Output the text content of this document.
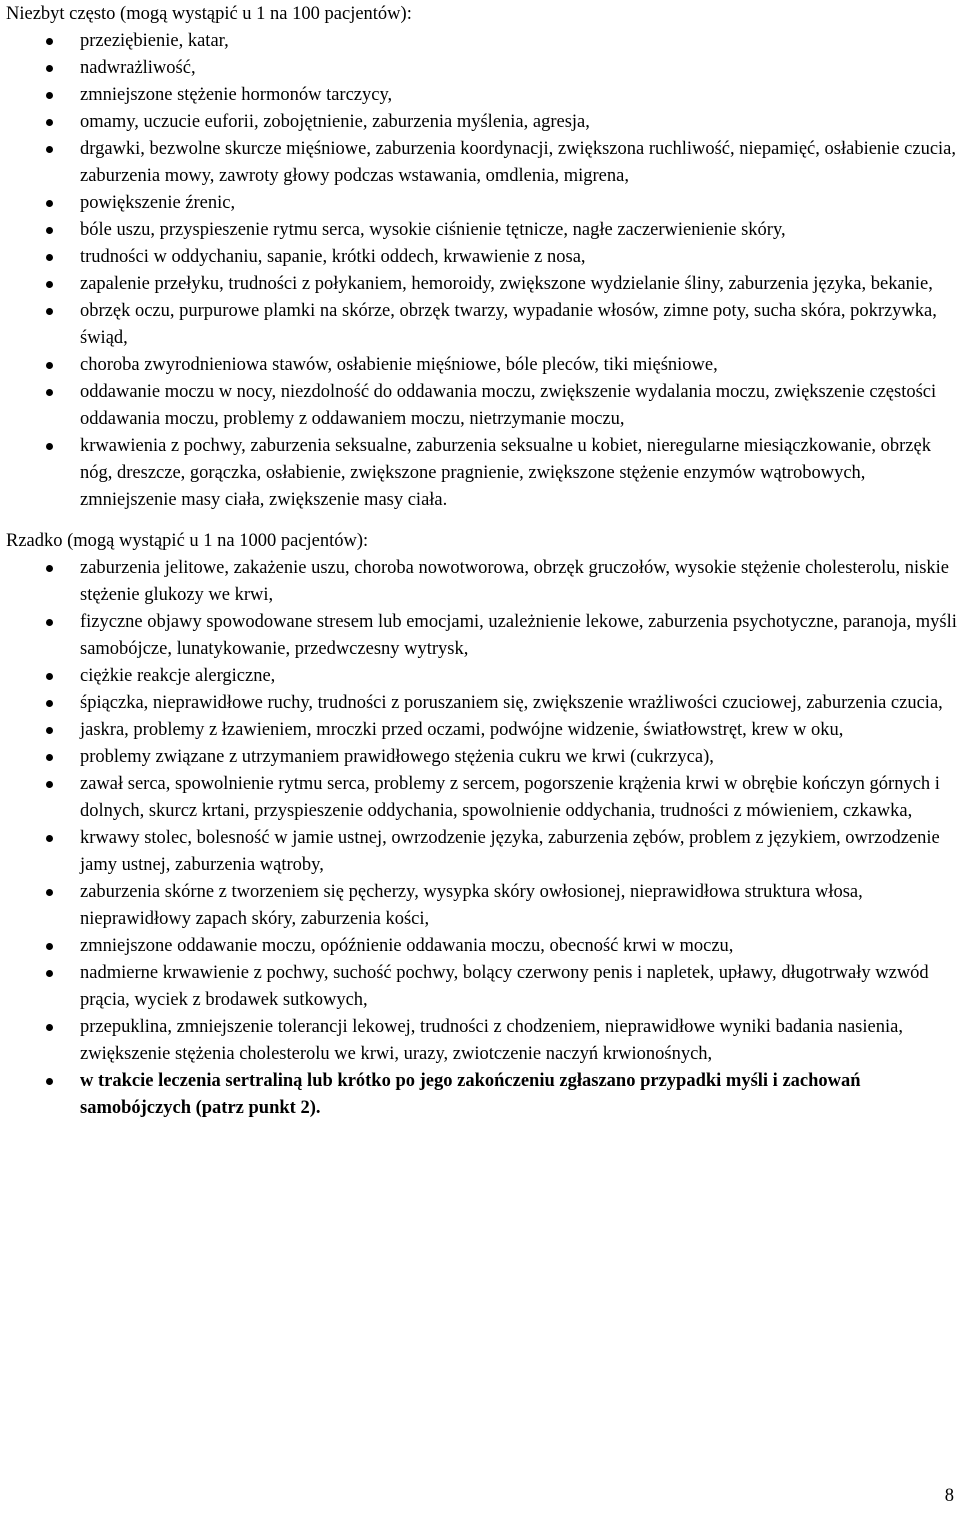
Niezbyt często (mogą wystąpić u 1 na 100 pacjentów):

przeziębienie, katar,
nadwrażliwość,
zmniejszone stężenie hormonów tarczycy,
omamy, uczucie euforii, zobojętnienie, zaburzenia myślenia, agresja,
drgawki, bezwolne skurcze mięśniowe, zaburzenia koordynacji, zwiększona ruchliwość, niepamięć, osłabienie czucia, zaburzenia mowy, zawroty głowy podczas wstawania, omdlenia, migrena,
powiększenie źrenic,
bóle uszu, przyspieszenie rytmu serca, wysokie ciśnienie tętnicze, nagłe zaczerwienienie skóry,
trudności w oddychaniu, sapanie, krótki oddech, krwawienie z nosa,
zapalenie przełyku, trudności z połykaniem, hemoroidy, zwiększone wydzielanie śliny, zaburzenia języka, bekanie,
obrzęk oczu, purpurowe plamki na skórze, obrzęk twarzy, wypadanie włosów, zimne poty, sucha skóra, pokrzywka, świąd,
choroba zwyrodnieniowa stawów, osłabienie mięśniowe, bóle pleców, tiki mięśniowe,
oddawanie moczu w nocy, niezdolność do oddawania moczu, zwiększenie wydalania moczu, zwiększenie częstości oddawania moczu, problemy z oddawaniem moczu, nietrzymanie moczu,
krwawienia z pochwy, zaburzenia seksualne, zaburzenia seksualne u kobiet, nieregularne miesiączkowanie, obrzęk nóg, dreszcze, gorączka, osłabienie, zwiększone pragnienie, zwiększone stężenie enzymów wątrobowych, zmniejszenie masy ciała, zwiększenie masy ciała.

Rzadko (mogą wystąpić u 1 na 1000 pacjentów):

zaburzenia jelitowe, zakażenie uszu, choroba nowotworowa, obrzęk gruczołów, wysokie stężenie cholesterolu, niskie stężenie glukozy we krwi,
fizyczne objawy spowodowane stresem lub emocjami, uzależnienie lekowe, zaburzenia psychotyczne, paranoja, myśli samobójcze, lunatykowanie, przedwczesny wytrysk,
ciężkie reakcje alergiczne,
śpiączka, nieprawidłowe ruchy, trudności z poruszaniem się, zwiększenie wrażliwości czuciowej, zaburzenia czucia,
jaskra, problemy z łzawieniem, mroczki przed oczami, podwójne widzenie, światłowstręt, krew w oku,
problemy związane z utrzymaniem prawidłowego stężenia cukru we krwi (cukrzyca),
zawał serca, spowolnienie rytmu serca, problemy z sercem, pogorszenie krążenia krwi w obrębie kończyn górnych i dolnych, skurcz krtani, przyspieszenie oddychania, spowolnienie oddychania, trudności z mówieniem, czkawka,
krwawy stolec, bolesność w jamie ustnej, owrzodzenie języka, zaburzenia zębów, problem z językiem, owrzodzenie jamy ustnej, zaburzenia wątroby,
zaburzenia skórne z tworzeniem się pęcherzy, wysypka skóry owłosionej, nieprawidłowa struktura włosa, nieprawidłowy zapach skóry, zaburzenia kości,
zmniejszone oddawanie moczu, opóźnienie oddawania moczu, obecność krwi w moczu,
nadmierne krwawienie z pochwy, suchość pochwy, bolący czerwony penis i napletek, upławy, długotrwały wzwód prącia, wyciek z brodawek sutkowych,
przepuklina, zmniejszenie tolerancji lekowej, trudności z chodzeniem, nieprawidłowe wyniki badania nasienia, zwiększenie stężenia cholesterolu we krwi, urazy, zwiotczenie naczyń krwionośnych,
w trakcie leczenia sertraliną lub krótko po jego zakończeniu zgłaszano przypadki myśli i zachowań samobójczych (patrz punkt 2).
8
